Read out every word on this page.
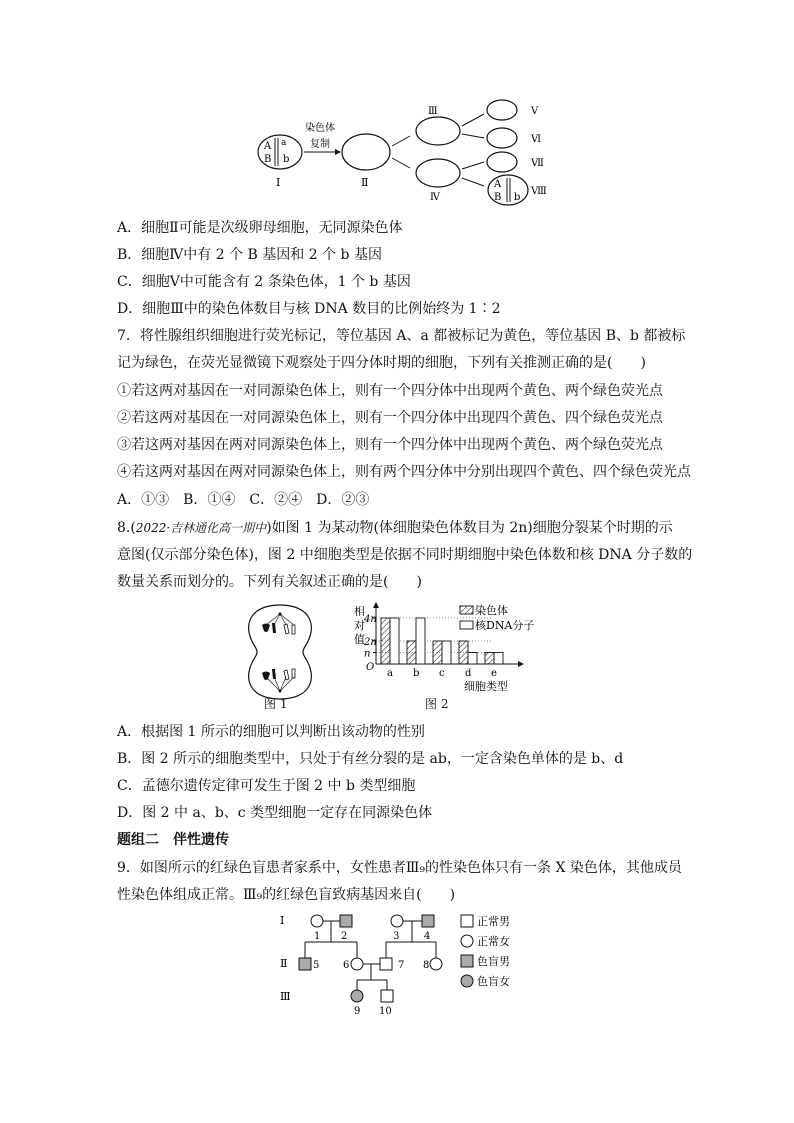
A a
B b
Ⅰ
染色体
复制
Ⅱ
Ⅲ
Ⅳ
A
B b
Ⅴ
Ⅵ
Ⅶ
Ⅷ
A．细胞Ⅱ可能是次级卵母细胞，无同源染色体
B．细胞Ⅳ中有 2 个 B 基因和 2 个 b 基因
C．细胞Ⅴ中可能含有 2 条染色体，1 个 b 基因
D．细胞Ⅲ中的染色体数目与核 DNA 数目的比例始终为 1∶2
7．将性腺组织细胞进行荧光标记，等位基因 A、a 都被标记为黄色，等位基因 B、b 都被标
记为绿色，在荧光显微镜下观察处于四分体时期的细胞，下列有关推测正确的是(　　)
①若这两对基因在一对同源染色体上，则有一个四分体中出现两个黄色、两个绿色荧光点
②若这两对基因在一对同源染色体上，则有一个四分体中出现四个黄色、四个绿色荧光点
③若这两对基因在两对同源染色体上，则有一个四分体中出现两个黄色、两个绿色荧光点
④若这两对基因在两对同源染色体上，则有两个四分体中分别出现四个黄色、四个绿色荧光点
A．①③　B．①④　C．②④　D．②③
8.(2022·吉林通化高一期中)如图 1 为某动物(体细胞染色体数目为 2n)细胞分裂某个时期的示
意图(仅示部分染色体)，图 2 中细胞类型是依据不同时期细胞中染色体数和核 DNA 分子数的
数量关系而划分的。下列有关叙述正确的是(　　)
图 1
相
对
值
4n
2n
n
O
a b c d e
细胞类型
染色体
核DNA分子
图 2
A．根据图 1 所示的细胞可以判断出该动物的性别
B．图 2 所示的细胞类型中，只处于有丝分裂的是 ab，一定含染色单体的是 b、d
C．孟德尔遗传定律可发生于图 2 中 b 类型细胞
D．图 2 中 a、b、c 类型细胞一定存在同源染色体
题组二　伴性遗传
9．如图所示的红绿色盲患者家系中，女性患者Ⅲ₉的性染色体只有一条 X 染色体，其他成员
性染色体组成正常。Ⅲ₉的红绿色盲致病基因来自(　　)
Ⅰ
Ⅱ
Ⅲ
1 2	3 4
5 6	7 8
9 10
正常男
正常女
色盲男
色盲女
